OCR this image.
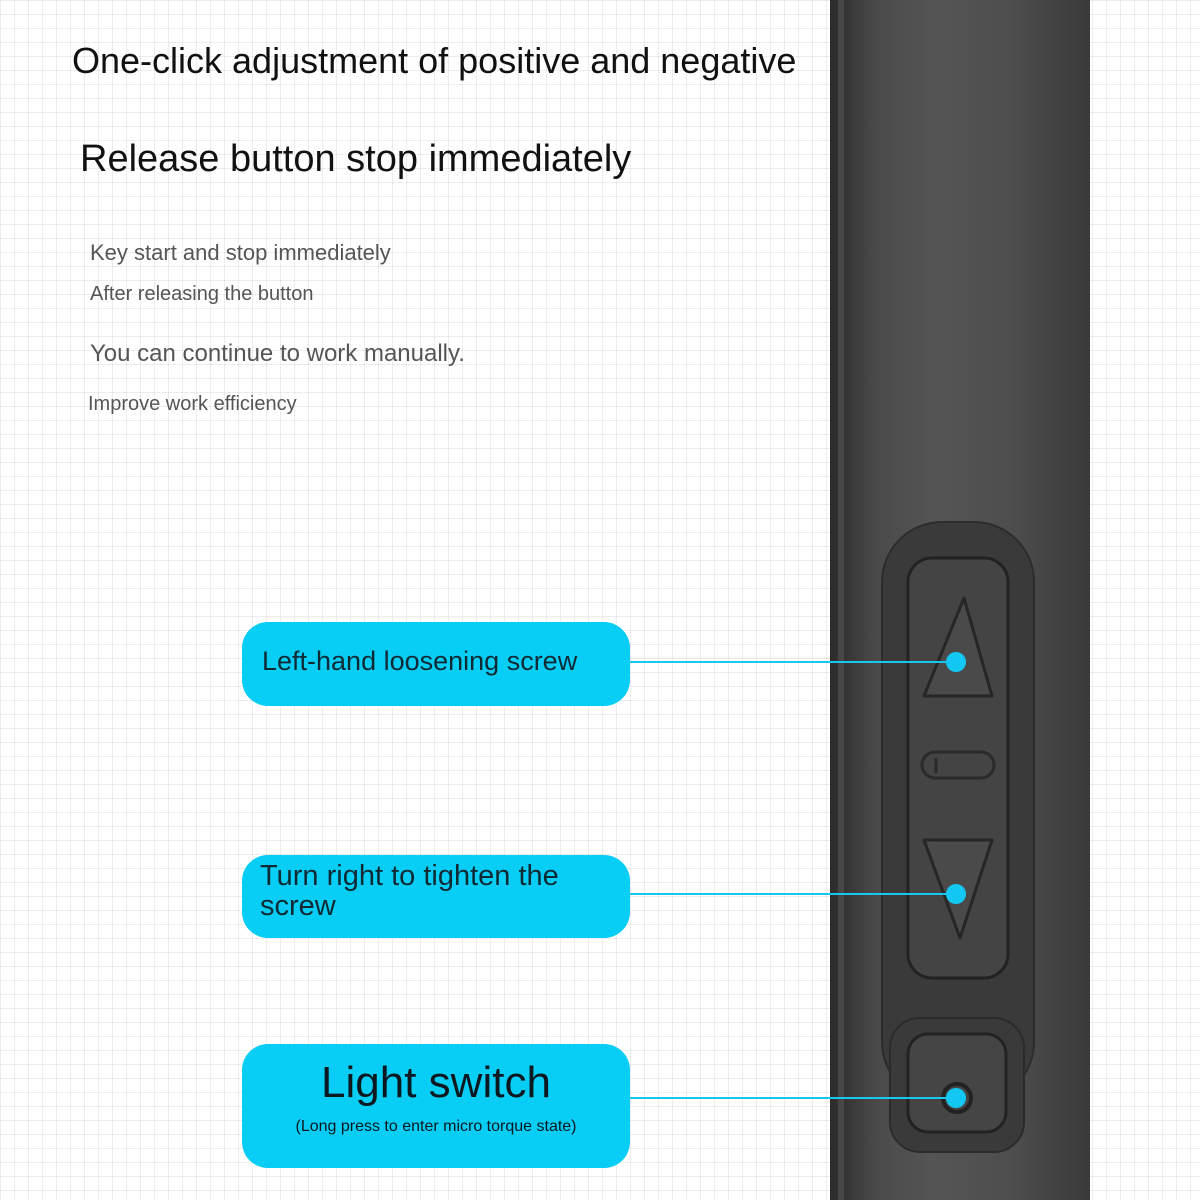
One-click adjustment of positive and negative
Release button stop immediately
Key start and stop immediately
After releasing the button
You can continue to work manually.
Improve work efficiency
Left-hand loosening screw
Turn right to tighten the screw
Light switch
(Long press to enter micro torque state)
